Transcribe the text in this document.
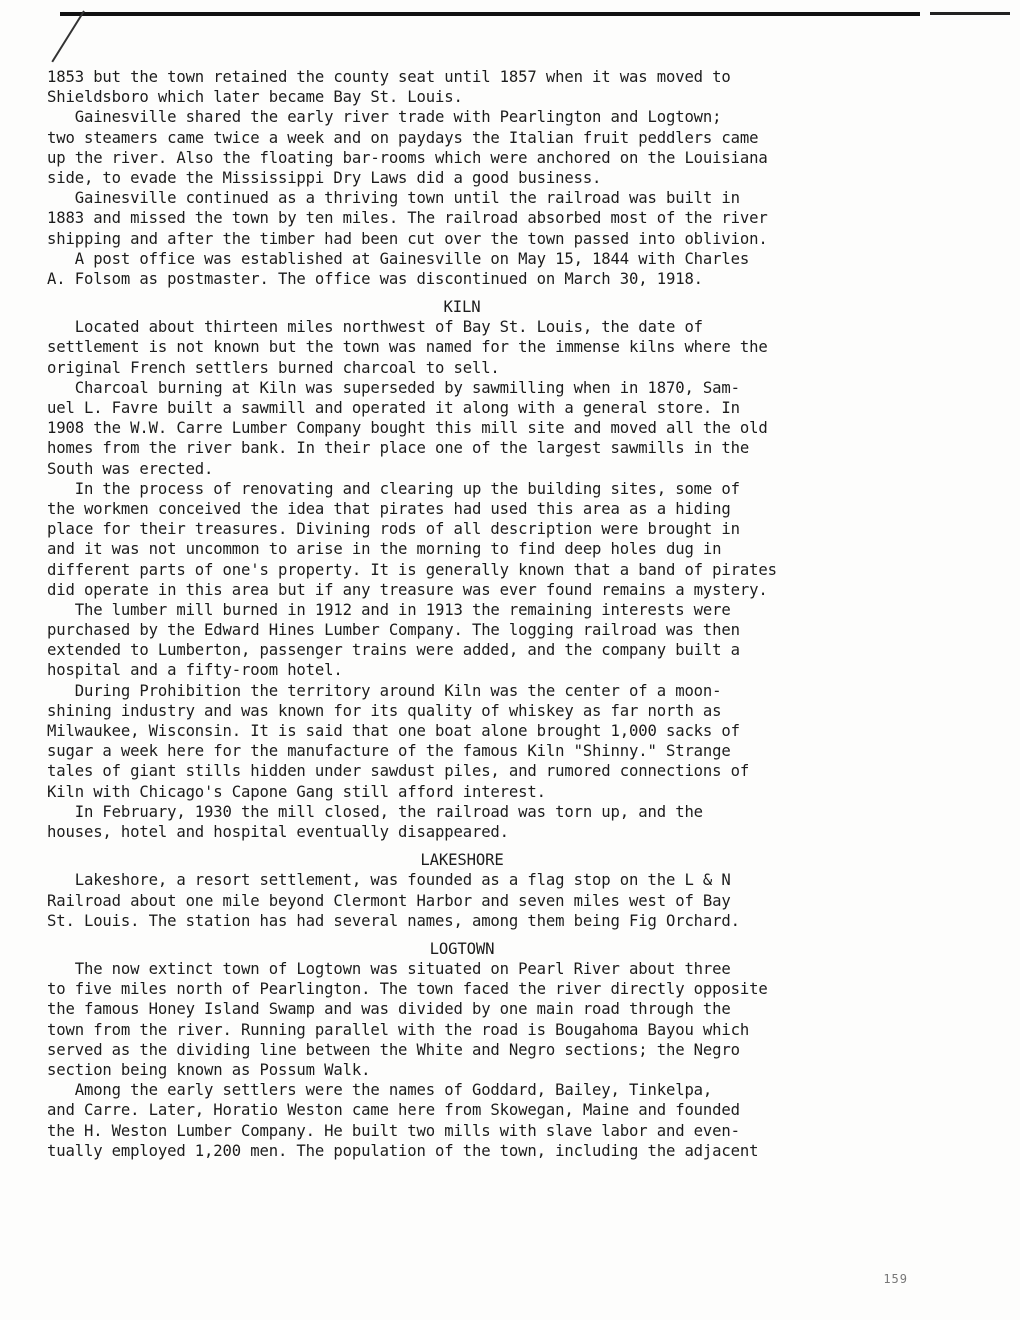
1853 but the town retained the county seat until 1857 when it was moved to
Shieldsboro which later became Bay St. Louis.
Gainesville shared the early river trade with Pearlington and Logtown;
two steamers came twice a week and on paydays the Italian fruit peddlers came
up the river. Also the floating bar-rooms which were anchored on the Louisiana
side, to evade the Mississippi Dry Laws did a good business.
Gainesville continued as a thriving town until the railroad was built in
1883 and missed the town by ten miles. The railroad absorbed most of the river
shipping and after the timber had been cut over the town passed into oblivion.
A post office was established at Gainesville on May 15, 1844 with Charles
A. Folsom as postmaster. The office was discontinued on March 30, 1918.
KILN
Located about thirteen miles northwest of Bay St. Louis, the date of
settlement is not known but the town was named for the immense kilns where the
original French settlers burned charcoal to sell.
Charcoal burning at Kiln was superseded by sawmilling when in 1870, Sam-
uel L. Favre built a sawmill and operated it along with a general store. In
1908 the W.W. Carre Lumber Company bought this mill site and moved all the old
homes from the river bank. In their place one of the largest sawmills in the
South was erected.
In the process of renovating and clearing up the building sites, some of
the workmen conceived the idea that pirates had used this area as a hiding
place for their treasures. Divining rods of all description were brought in
and it was not uncommon to arise in the morning to find deep holes dug in
different parts of one's property. It is generally known that a band of pirates
did operate in this area but if any treasure was ever found remains a mystery.
The lumber mill burned in 1912 and in 1913 the remaining interests were
purchased by the Edward Hines Lumber Company. The logging railroad was then
extended to Lumberton, passenger trains were added, and the company built a
hospital and a fifty-room hotel.
During Prohibition the territory around Kiln was the center of a moon-
shining industry and was known for its quality of whiskey as far north as
Milwaukee, Wisconsin. It is said that one boat alone brought 1,000 sacks of
sugar a week here for the manufacture of the famous Kiln "Shinny." Strange
tales of giant stills hidden under sawdust piles, and rumored connections of
Kiln with Chicago's Capone Gang still afford interest.
In February, 1930 the mill closed, the railroad was torn up, and the
houses, hotel and hospital eventually disappeared.
LAKESHORE
Lakeshore, a resort settlement, was founded as a flag stop on the L & N
Railroad about one mile beyond Clermont Harbor and seven miles west of Bay
St. Louis. The station has had several names, among them being Fig Orchard.
LOGTOWN
The now extinct town of Logtown was situated on Pearl River about three
to five miles north of Pearlington. The town faced the river directly opposite
the famous Honey Island Swamp and was divided by one main road through the
town from the river. Running parallel with the road is Bougahoma Bayou which
served as the dividing line between the White and Negro sections; the Negro
section being known as Possum Walk.
Among the early settlers were the names of Goddard, Bailey, Tinkelpa,
and Carre. Later, Horatio Weston came here from Skowegan, Maine and founded
the H. Weston Lumber Company. He built two mills with slave labor and even-
tually employed 1,200 men. The population of the town, including the adjacent
159
